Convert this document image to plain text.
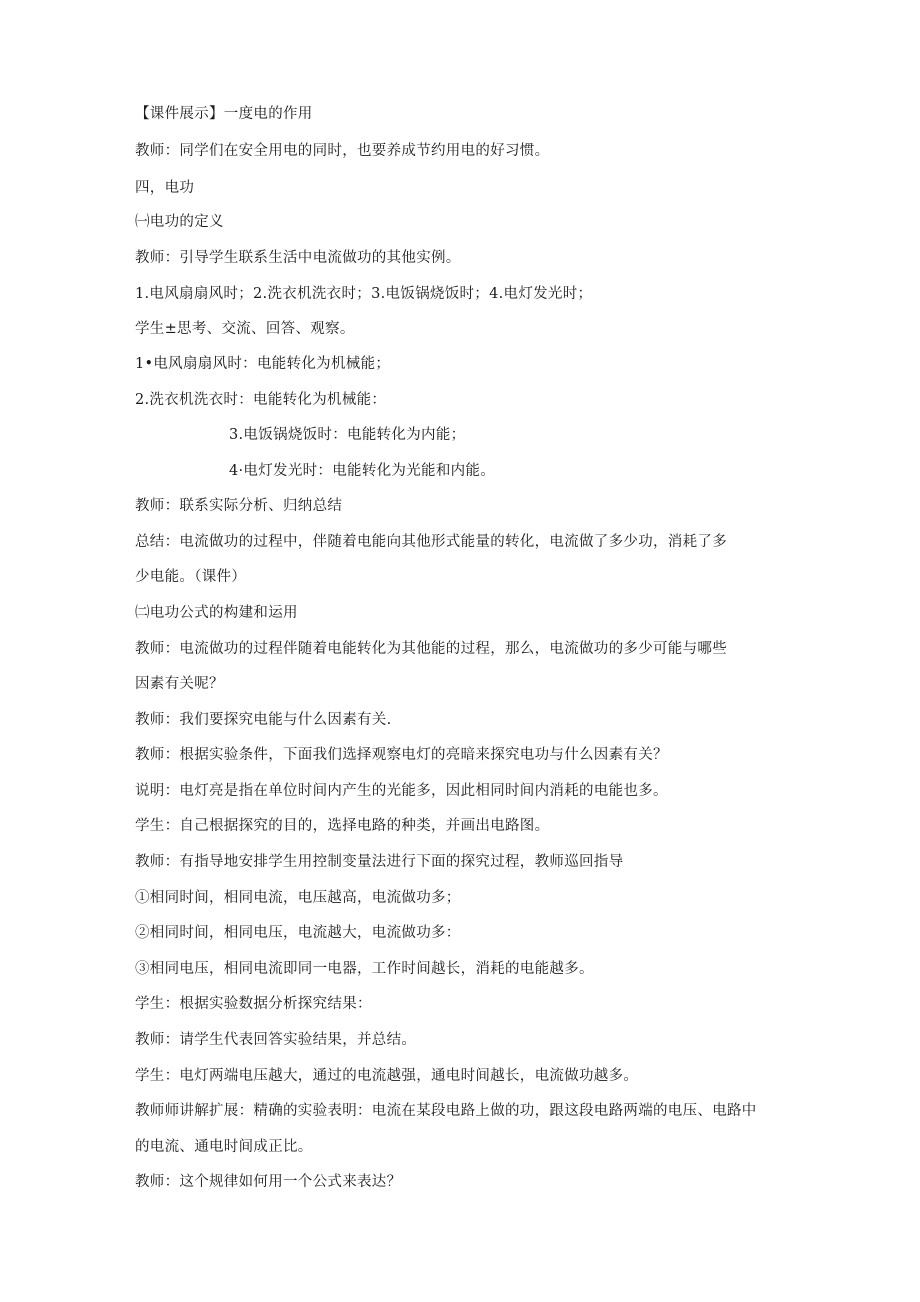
【课件展示】一度电的作用
教师：同学们在安全用电的同时，也要养成节约用电的好习惯。
四，电功
㈠电功的定义
教师：引导学生联系生活中电流做功的其他实例。
1.电风扇扇风时；2.洗衣机洗衣时；3.电饭锅烧饭时；4.电灯发光时；
学生±思考、交流、回答、观察。
1•电风扇扇风时：电能转化为机械能；
2.洗衣机洗衣时：电能转化为机械能：
3.电饭锅烧饭时：电能转化为内能；
4·电灯发光时：电能转化为光能和内能。
教师：联系实际分析、归纳总结
总结：电流做功的过程中，伴随着电能向其他形式能量的转化，电流做了多少功，消耗了多
少电能。（课件）
㈡电功公式的构建和运用
教师：电流做功的过程伴随着电能转化为其他能的过程，那么，电流做功的多少可能与哪些
因素有关呢？
教师：我们要探究电能与什么因素有关.
教师：根据实验条件，下面我们选择观察电灯的亮暗来探究电功与什么因素有关？
说明：电灯亮是指在单位时间内产生的光能多，因此相同时间内消耗的电能也多。
学生：自己根据探究的目的，选择电路的种类，并画出电路图。
教师：有指导地安排学生用控制变量法进行下面的探究过程，教师巡回指导
①相同时间，相同电流，电压越高，电流做功多；
②相同时间，相同电压，电流越大，电流做功多：
③相同电压，相同电流即同一电器，工作时间越长，消耗的电能越多。
学生：根据实验数据分析探究结果：
教师：请学生代表回答实验结果，并总结。
学生：电灯两端电压越大，通过的电流越强，通电时间越长，电流做功越多。
教师师讲解扩展：精确的实验表明：电流在某段电路上做的功，跟这段电路两端的电压、电路中
的电流、通电时间成正比。
教师：这个规律如何用一个公式来表达？
